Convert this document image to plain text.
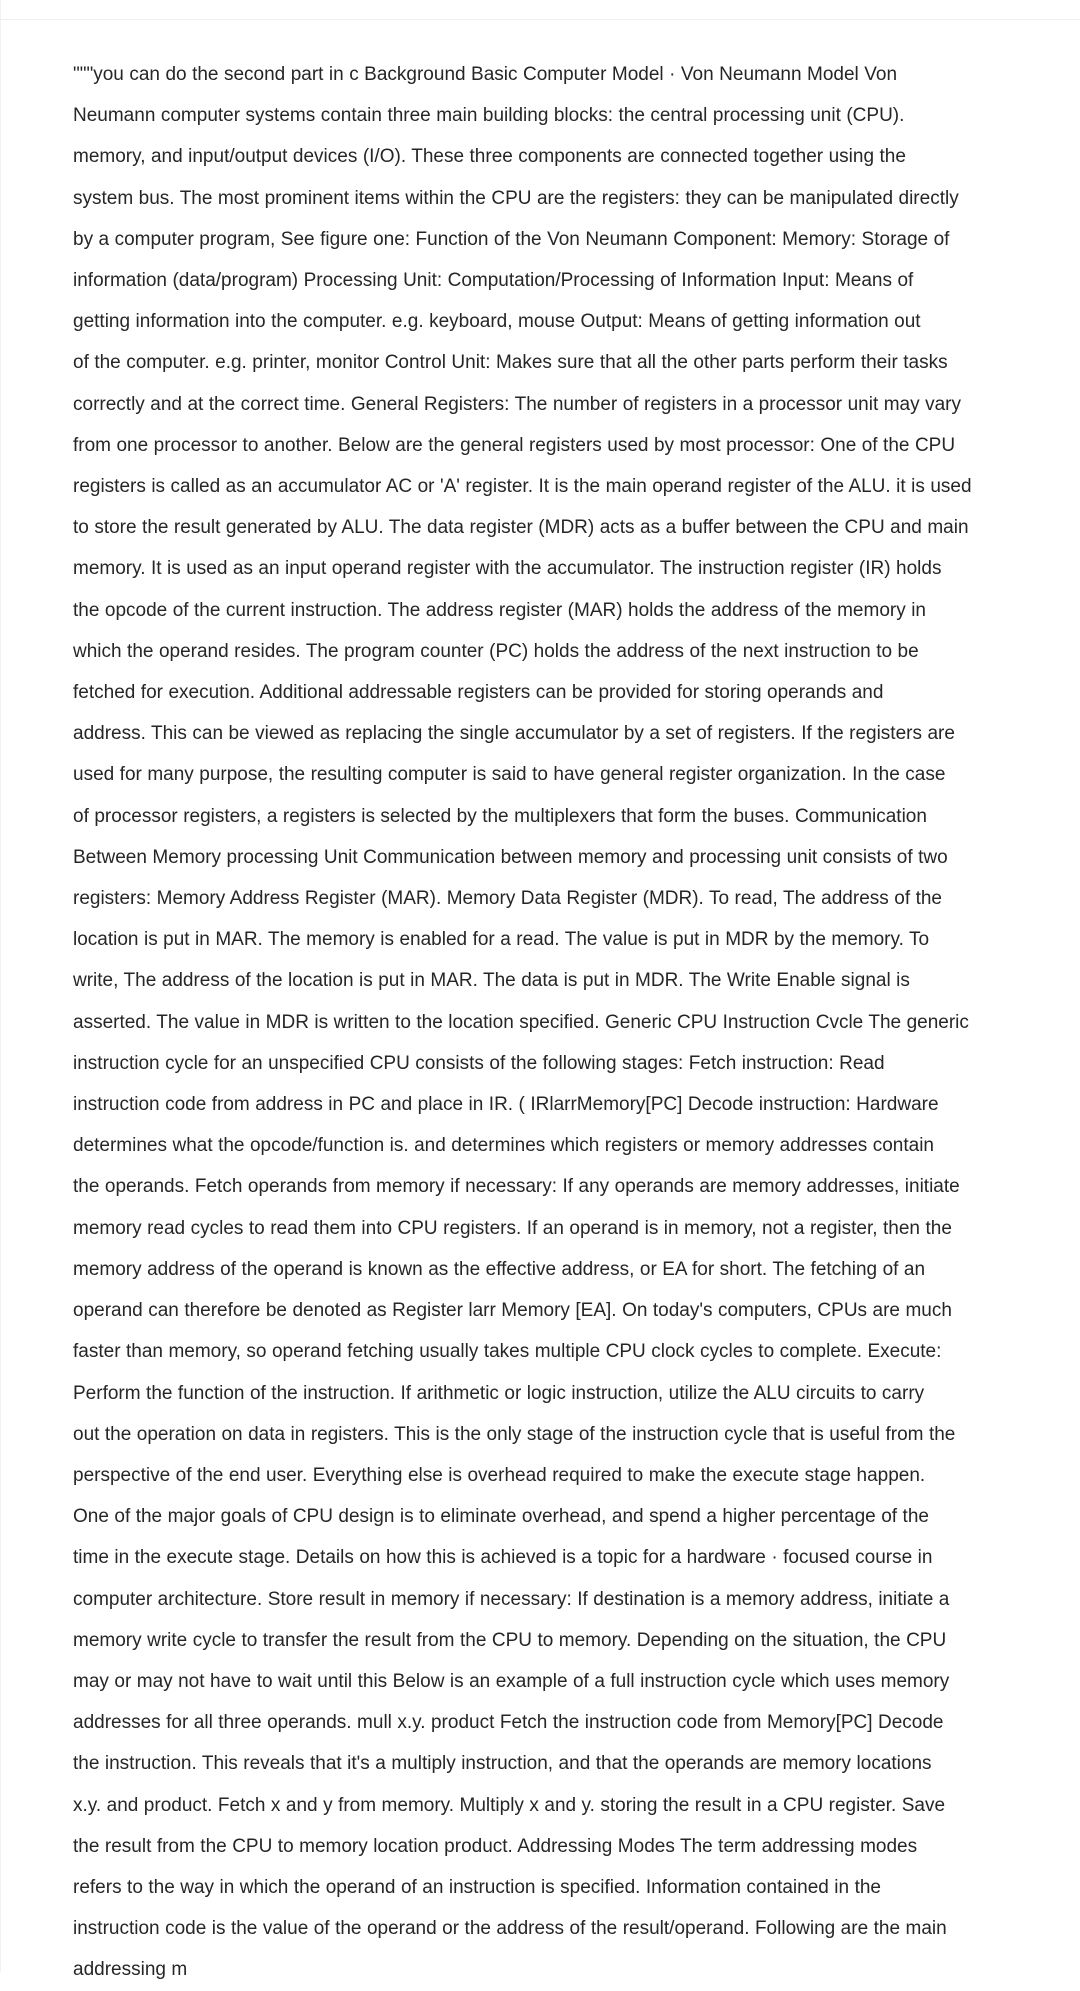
"""you can do the second part in c Background Basic Computer Model · Von Neumann Model Von
Neumann computer systems contain three main building blocks: the central processing unit (CPU).
memory, and input/output devices (I/O). These three components are connected together using the
system bus. The most prominent items within the CPU are the registers: they can be manipulated directly
by a computer program, See figure one: Function of the Von Neumann Component: Memory: Storage of
information (data/program) Processing Unit: Computation/Processing of Information Input: Means of
getting information into the computer. e.g. keyboard, mouse Output: Means of getting information out
of the computer. e.g. printer, monitor Control Unit: Makes sure that all the other parts perform their tasks
correctly and at the correct time. General Registers: The number of registers in a processor unit may vary
from one processor to another. Below are the general registers used by most processor: One of the CPU
registers is called as an accumulator AC or 'A' register. It is the main operand register of the ALU. it is used
to store the result generated by ALU. The data register (MDR) acts as a buffer between the CPU and main
memory. It is used as an input operand register with the accumulator. The instruction register (IR) holds
the opcode of the current instruction. The address register (MAR) holds the address of the memory in
which the operand resides. The program counter (PC) holds the address of the next instruction to be
fetched for execution. Additional addressable registers can be provided for storing operands and
address. This can be viewed as replacing the single accumulator by a set of registers. If the registers are
used for many purpose, the resulting computer is said to have general register organization. In the case
of processor registers, a registers is selected by the multiplexers that form the buses. Communication
Between Memory processing Unit Communication between memory and processing unit consists of two
registers: Memory Address Register (MAR). Memory Data Register (MDR). To read, The address of the
location is put in MAR. The memory is enabled for a read. The value is put in MDR by the memory. To
write, The address of the location is put in MAR. The data is put in MDR. The Write Enable signal is
asserted. The value in MDR is written to the location specified. Generic CPU Instruction Cvcle The generic
instruction cycle for an unspecified CPU consists of the following stages: Fetch instruction: Read
instruction code from address in PC and place in IR. ( IRlarrMemory[PC] Decode instruction: Hardware
determines what the opcode/function is. and determines which registers or memory addresses contain
the operands. Fetch operands from memory if necessary: If any operands are memory addresses, initiate
memory read cycles to read them into CPU registers. If an operand is in memory, not a register, then the
memory address of the operand is known as the effective address, or EA for short. The fetching of an
operand can therefore be denoted as Register larr Memory [EA]. On today's computers, CPUs are much
faster than memory, so operand fetching usually takes multiple CPU clock cycles to complete. Execute:
Perform the function of the instruction. If arithmetic or logic instruction, utilize the ALU circuits to carry
out the operation on data in registers. This is the only stage of the instruction cycle that is useful from the
perspective of the end user. Everything else is overhead required to make the execute stage happen.
One of the major goals of CPU design is to eliminate overhead, and spend a higher percentage of the
time in the execute stage. Details on how this is achieved is a topic for a hardware · focused course in
computer architecture. Store result in memory if necessary: If destination is a memory address, initiate a
memory write cycle to transfer the result from the CPU to memory. Depending on the situation, the CPU
may or may not have to wait until this Below is an example of a full instruction cycle which uses memory
addresses for all three operands. mull x.y. product Fetch the instruction code from Memory[PC] Decode
the instruction. This reveals that it's a multiply instruction, and that the operands are memory locations
x.y. and product. Fetch x and y from memory. Multiply x and y. storing the result in a CPU register. Save
the result from the CPU to memory location product. Addressing Modes The term addressing modes
refers to the way in which the operand of an instruction is specified. Information contained in the
instruction code is the value of the operand or the address of the result/operand. Following are the main
addressing m
